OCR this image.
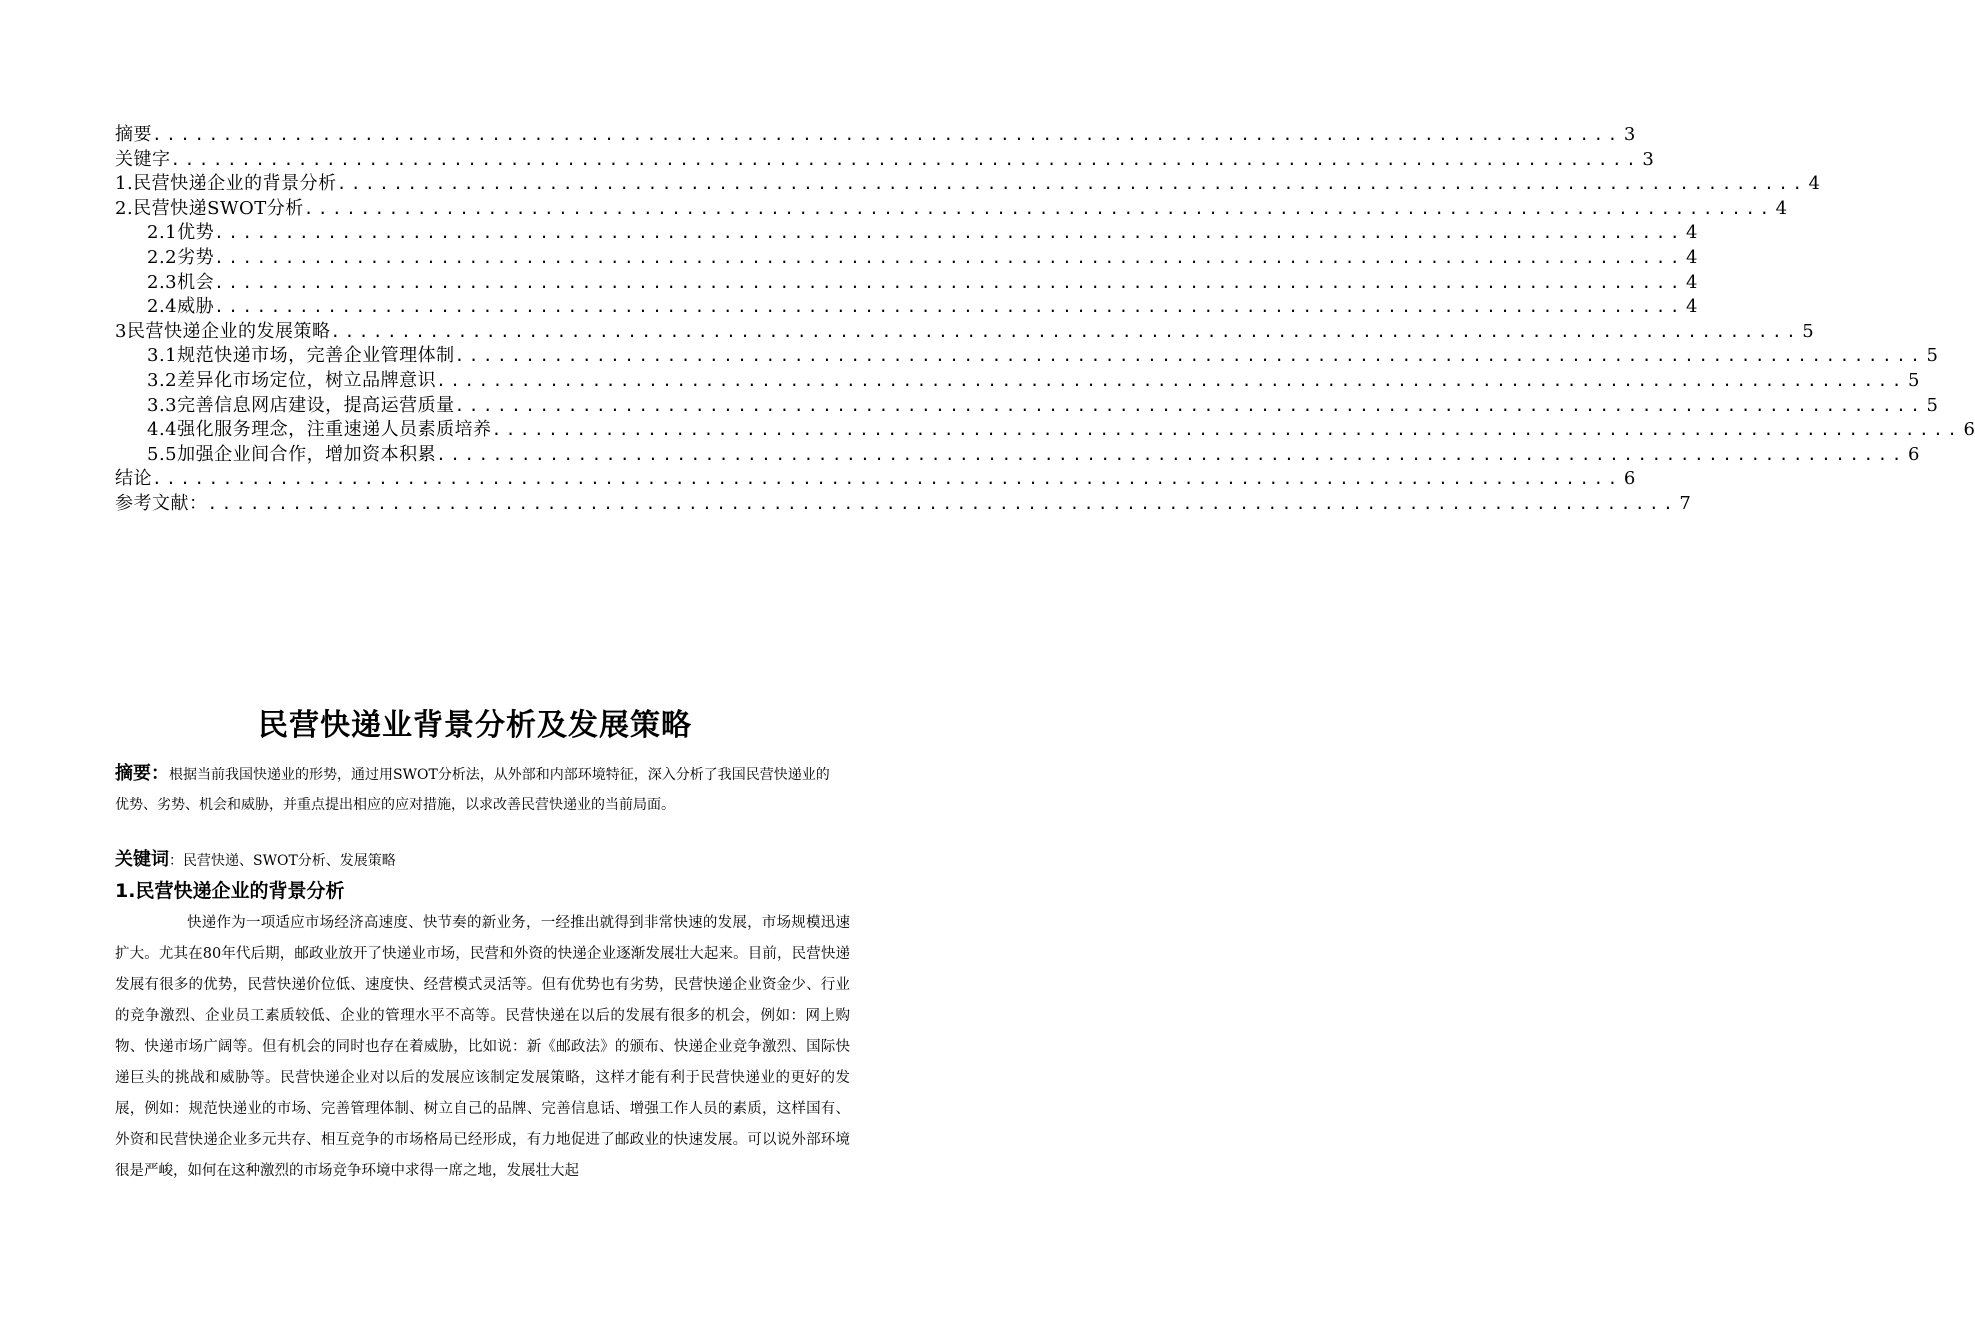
摘要 ........................................................................................................ 3
关键字 ........................................................................................................ 3
1.民营快递企业的背景分析 ........................................................................................................ 4
2.民营快递SWOT分析 ........................................................................................................ 4
2.1优势 ........................................................................................................ 4
2.2劣势 ........................................................................................................ 4
2.3机会 ........................................................................................................ 4
2.4威胁 ........................................................................................................ 4
3民营快递企业的发展策略 ........................................................................................................ 5
3.1规范快递市场，完善企业管理体制 ........................................................................................................ 5
3.2差异化市场定位，树立品牌意识 ........................................................................................................ 5
3.3完善信息网店建设，提高运营质量 ........................................................................................................ 5
4.4强化服务理念，注重速递人员素质培养 ........................................................................................................ 6
5.5加强企业间合作，增加资本积累 ........................................................................................................ 6
结论 ........................................................................................................ 6
参考文献： ........................................................................................................ 7
民营快递业背景分析及发展策略
摘要：根据当前我国快递业的形势，通过用SWOT分析法，从外部和内部环境特征，深入分析了我国民营快递业的优势、劣势、机会和威胁，并重点提出相应的应对措施，以求改善民营快递业的当前局面。
关键词：民营快递、SWOT分析、发展策略
1.民营快递企业的背景分析
快递作为一项适应市场经济高速度、快节奏的新业务，一经推出就得到非常快速的发展，市场规模迅速扩大。尤其在80年代后期，邮政业放开了快递业市场，民营和外资的快递企业逐渐发展壮大起来。目前，民营快递发展有很多的优势，民营快递价位低、速度快、经营模式灵活等。但有优势也有劣势，民营快递企业资金少、行业的竞争激烈、企业员工素质较低、企业的管理水平不高等。民营快递在以后的发展有很多的机会，例如：网上购物、快递市场广阔等。但有机会的同时也存在着威胁，比如说：新《邮政法》的颁布、快递企业竞争激烈、国际快递巨头的挑战和威胁等。民营快递企业对以后的发展应该制定发展策略，这样才能有利于民营快递业的更好的发展，例如：规范快递业的市场、完善管理体制、树立自己的品牌、完善信息话、增强工作人员的素质，这样国有、外资和民营快递企业多元共存、相互竞争的市场格局已经形成，有力地促进了邮政业的快速发展。可以说外部环境很是严峻，如何在这种激烈的市场竞争环境中求得一席之地，发展壮大起
